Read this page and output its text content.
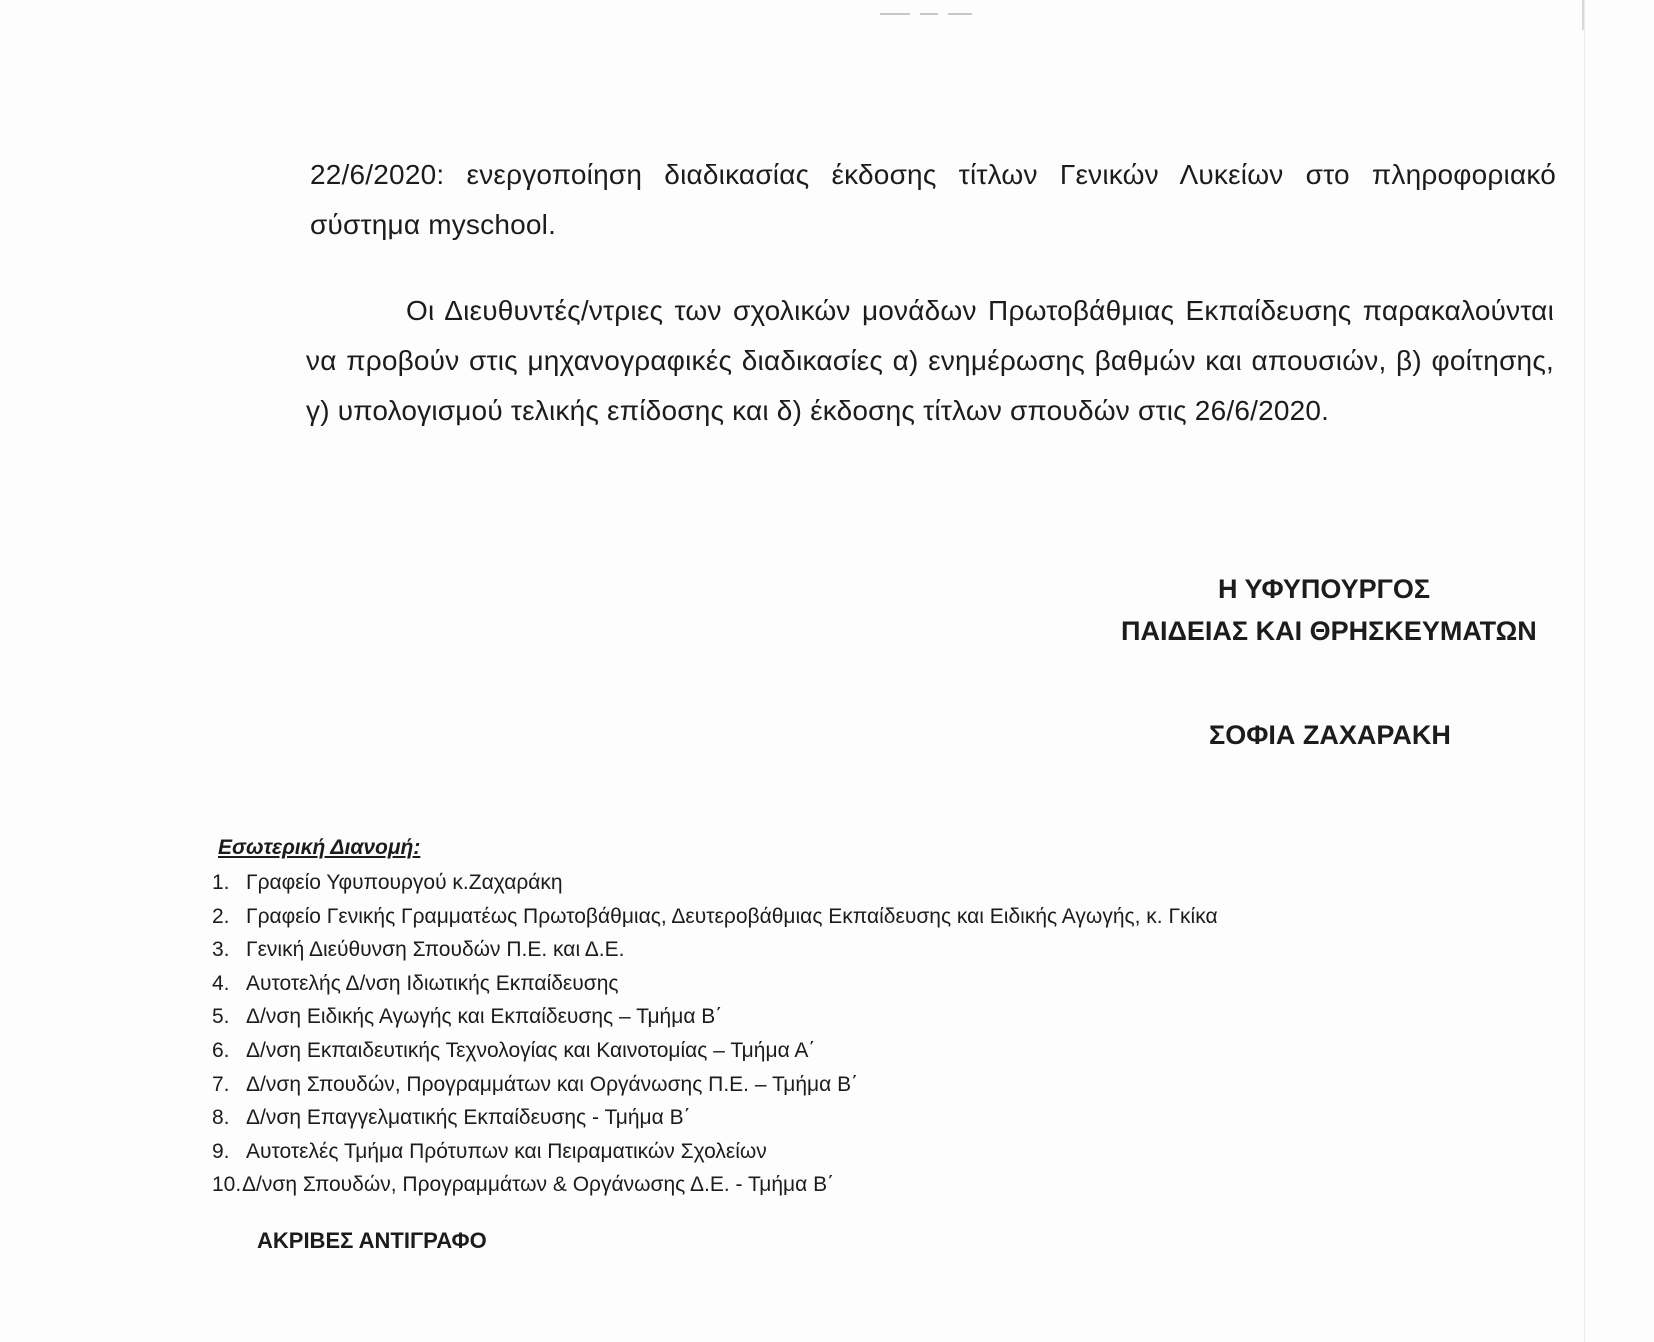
22/6/2020: ενεργοποίηση διαδικασίας έκδοσης τίτλων Γενικών Λυκείων στο πληροφοριακό σύστημα myschool.

Οι Διευθυντές/ντριες των σχολικών μονάδων Πρωτοβάθμιας Εκπαίδευσης παρακαλούνται να προβούν στις μηχανογραφικές διαδικασίες α) ενημέρωσης βαθμών και απουσιών, β) φοίτησης, γ) υπολογισμού τελικής επίδοσης και δ) έκδοσης τίτλων σπουδών στις 26/6/2020.

Η ΥΦΥΠΟΥΡΓΟΣ
ΠΑΙΔΕΙΑΣ ΚΑΙ ΘΡΗΣΚΕΥΜΑΤΩΝ
ΣΟΦΙΑ ΖΑΧΑΡΑΚΗ
Εσωτερική Διανομή:
1. Γραφείο Υφυπουργού κ.Ζαχαράκη
2. Γραφείο Γενικής Γραμματέως Πρωτοβάθμιας, Δευτεροβάθμιας Εκπαίδευσης και Ειδικής Αγωγής, κ. Γκίκα
3. Γενική Διεύθυνση Σπουδών Π.Ε. και Δ.Ε.
4. Αυτοτελής Δ/νση Ιδιωτικής Εκπαίδευσης
5. Δ/νση Ειδικής Αγωγής και Εκπαίδευσης – Τμήμα Β΄
6. Δ/νση Εκπαιδευτικής Τεχνολογίας και Καινοτομίας – Τμήμα Α΄
7. Δ/νση Σπουδών, Προγραμμάτων και Οργάνωσης Π.Ε. – Τμήμα Β΄
8. Δ/νση Επαγγελματικής Εκπαίδευσης - Τμήμα Β΄
9. Αυτοτελές Τμήμα Πρότυπων και Πειραματικών Σχολείων
10. Δ/νση Σπουδών, Προγραμμάτων & Οργάνωσης Δ.Ε. - Τμήμα Β΄
ΑΚΡΙΒΕΣ ΑΝΤΙΓΡΑΦΟ
